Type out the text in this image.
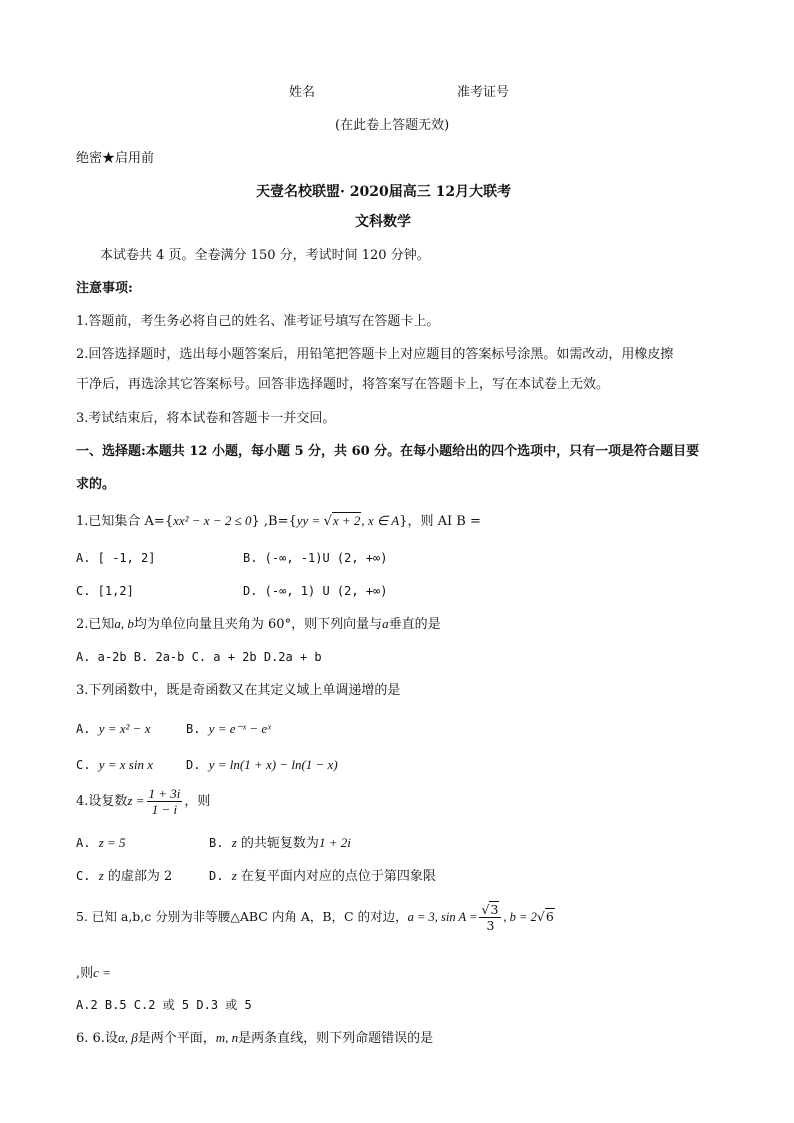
姓名	准考证号
(在此卷上答题无效)
绝密★启用前
天壹名校联盟· 2020届高三 12月大联考
文科数学
本试卷共 4 页。全卷满分 150 分，考试时间 120 分钟。
注意事项:
1.答题前，考生务必将自己的姓名、准考证号填写在答题卡上。
2.回答选择题时，选出每小题答案后，用铅笔把答题卡上对应题目的答案标号涂黑。如需改动，用橡皮擦
干净后，再选涂其它答案标号。回答非选择题时，将答案写在答题卡上，写在本试卷上无效。
3.考试结束后，将本试卷和答题卡一并交回。
一、选择题:本题共 12 小题，每小题 5 分，共 60 分。在每小题给出的四个选项中，只有一项是符合题目要
求的。
1.已知集合 A={xx² − x − 2 ≤ 0} ,B={yy = √x + 2, x ∈ A}，则 AI B =
A. [ -1, 2]	B. (-∞, -1)U (2, +∞)
C. [1,2]	D. (-∞, 1) U (2, +∞)
2.已知a, b均为单位向量且夹角为 60°，则下列向量与a垂直的是
A. a-2b B. 2a-b C. a + 2b D.2a + b
3.下列函数中，既是奇函数又在其定义域上单调递增的是
A. y = x² − x	B. y = e⁻ˣ − eˣ
C. y = x sin x	D. y = ln(1 + x) − ln(1 − x)
4.设复数$z = \frac{1 + 3i}{1 - i}$ ，则
A. z = 5	B. z 的共轭复数为1 + 2i
C. z 的虚部为 2	D. z 在复平面内对应的点位于第四象限
5. 已知 a,b,c 分别为非等腰△ABC 内角 A，B，C 的对边，a = 3, $\sin A = \frac{√3}{3}$ , b = 2√6
,则c =
A.2 B.5 C.2 或 5 D.3 或 5
6. 6.设α, β是两个平面，m, n是两条直线，则下列命题错误的是
